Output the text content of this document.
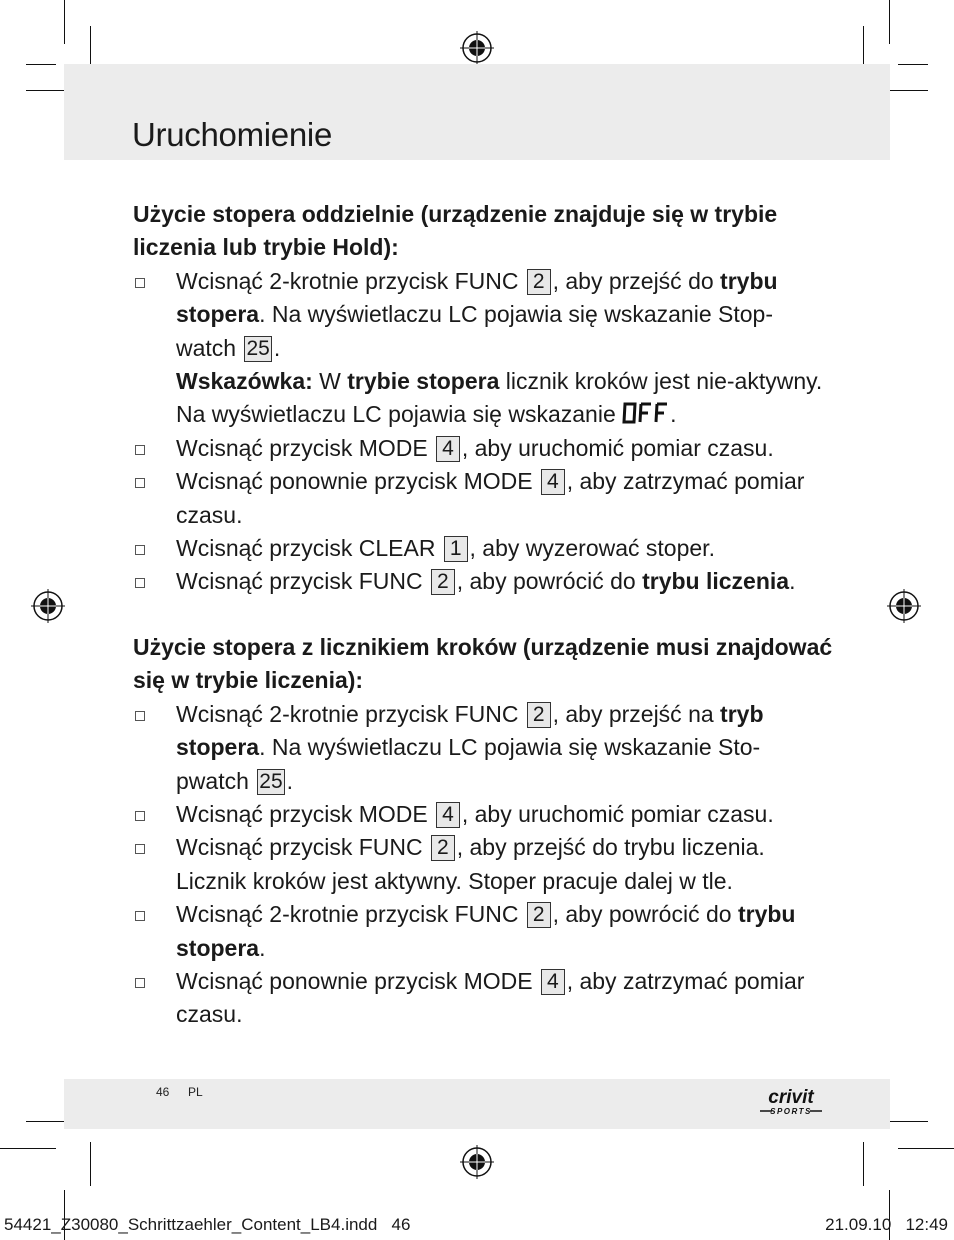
Uruchomienie

Użycie stopera oddzielnie (urządzenie znajduje się w trybie liczenia lub trybie Hold):

Wcisnąć 2-krotnie przycisk FUNC 2 , aby przejść do trybu stopera. Na wyświetlaczu LC pojawia się wskazanie Stop-watch 25 .
Wskazówka: W trybie stopera licznik kroków jest nie-aktywny. Na wyświetlaczu LC pojawia się wskazanie .
Wcisnąć przycisk MODE 4 , aby uruchomić pomiar czasu.
Wcisnąć ponownie przycisk MODE 4 , aby zatrzymać pomiar czasu.
Wcisnąć przycisk CLEAR 1 , aby wyzerować stoper.
Wcisnąć przycisk FUNC 2 , aby powrócić do trybu liczenia.

Użycie stopera z licznikiem kroków (urządzenie musi znajdować się w trybie liczenia):

Wcisnąć 2-krotnie przycisk FUNC 2 , aby przejść na tryb stopera. Na wyświetlaczu LC pojawia się wskazanie Sto-pwatch 25 .
Wcisnąć przycisk MODE 4 , aby uruchomić pomiar czasu.
Wcisnąć przycisk FUNC 2 , aby przejść do trybu liczenia. Licznik kroków jest aktywny. Stoper pracuje dalej w tle.
Wcisnąć 2-krotnie przycisk FUNC 2 , aby powrócić do trybu stopera.
Wcisnąć ponownie przycisk MODE 4 , aby zatrzymać pomiar czasu.
46 PL	crivit
SPORTS
54421_Z30080_Schrittzaehler_Content_LB4.indd   46	21.09.10   12:49
